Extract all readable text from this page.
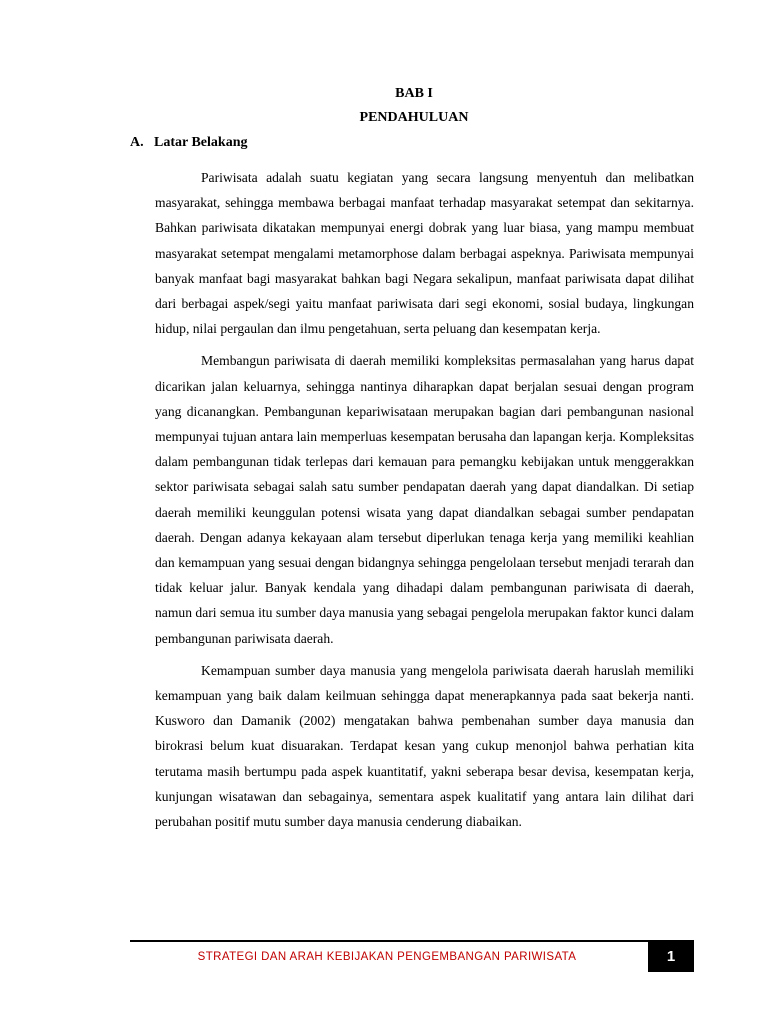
BAB I
PENDAHULUAN
A. Latar Belakang

Pariwisata adalah suatu kegiatan yang secara langsung menyentuh dan melibatkan masyarakat, sehingga membawa berbagai manfaat terhadap masyarakat setempat dan sekitarnya. Bahkan pariwisata dikatakan mempunyai energi dobrak yang luar biasa, yang mampu membuat masyarakat setempat mengalami metamorphose dalam berbagai aspeknya. Pariwisata mempunyai banyak manfaat bagi masyarakat bahkan bagi Negara sekalipun, manfaat pariwisata dapat dilihat dari berbagai aspek/segi yaitu manfaat pariwisata dari segi ekonomi, sosial budaya, lingkungan hidup, nilai pergaulan dan ilmu pengetahuan, serta peluang dan kesempatan kerja.

Membangun pariwisata di daerah memiliki kompleksitas permasalahan yang harus dapat dicarikan jalan keluarnya, sehingga nantinya diharapkan dapat berjalan sesuai dengan program yang dicanangkan. Pembangunan kepariwisataan merupakan bagian dari pembangunan nasional mempunyai tujuan antara lain memperluas kesempatan berusaha dan lapangan kerja. Kompleksitas dalam pembangunan tidak terlepas dari kemauan para pemangku kebijakan untuk menggerakkan sektor pariwisata sebagai salah satu sumber pendapatan daerah yang dapat diandalkan. Di setiap daerah memiliki keunggulan potensi wisata yang dapat diandalkan sebagai sumber pendapatan daerah. Dengan adanya kekayaan alam tersebut diperlukan tenaga kerja yang memiliki keahlian dan kemampuan yang sesuai dengan bidangnya sehingga pengelolaan tersebut menjadi terarah dan tidak keluar jalur. Banyak kendala yang dihadapi dalam pembangunan pariwisata di daerah, namun dari semua itu sumber daya manusia yang sebagai pengelola merupakan faktor kunci dalam pembangunan pariwisata daerah.

Kemampuan sumber daya manusia yang mengelola pariwisata daerah haruslah memiliki kemampuan yang baik dalam keilmuan sehingga dapat menerapkannya pada saat bekerja nanti. Kusworo dan Damanik (2002) mengatakan bahwa pembenahan sumber daya manusia dan birokrasi belum kuat disuarakan. Terdapat kesan yang cukup menonjol bahwa perhatian kita terutama masih bertumpu pada aspek kuantitatif, yakni seberapa besar devisa, kesempatan kerja, kunjungan wisatawan dan sebagainya, sementara aspek kualitatif yang antara lain dilihat dari perubahan positif mutu sumber daya manusia cenderung diabaikan.

STRATEGI DAN ARAH KEBIJAKAN PENGEMBANGAN PARIWISATA	1
